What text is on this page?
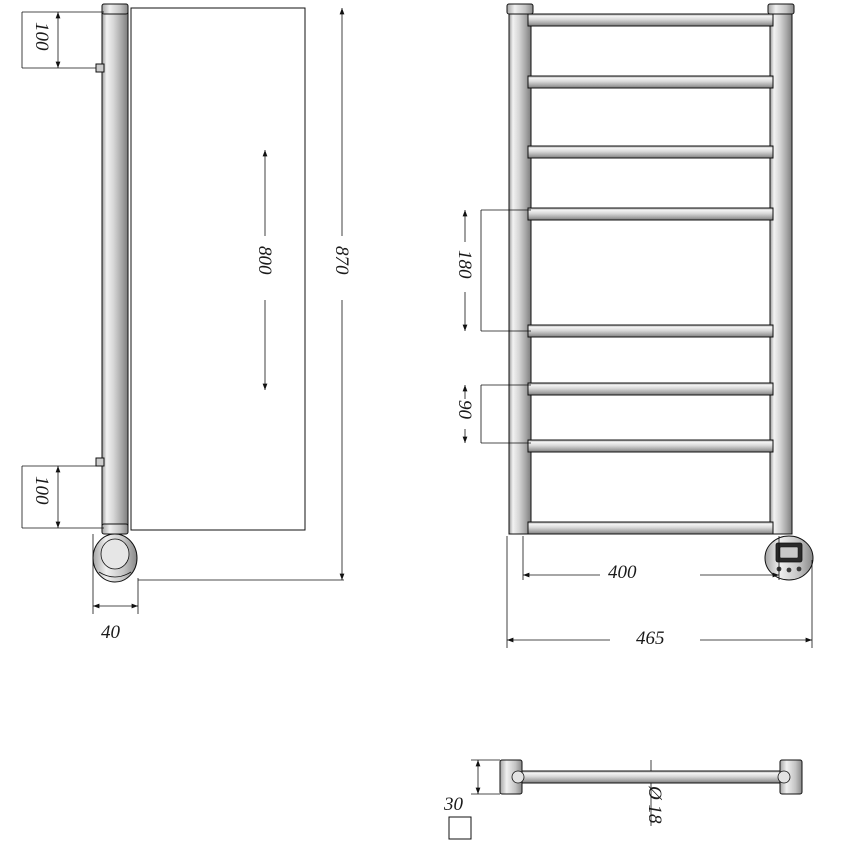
100
100
800	870
40
180
90
400
465
30	Ø 18
